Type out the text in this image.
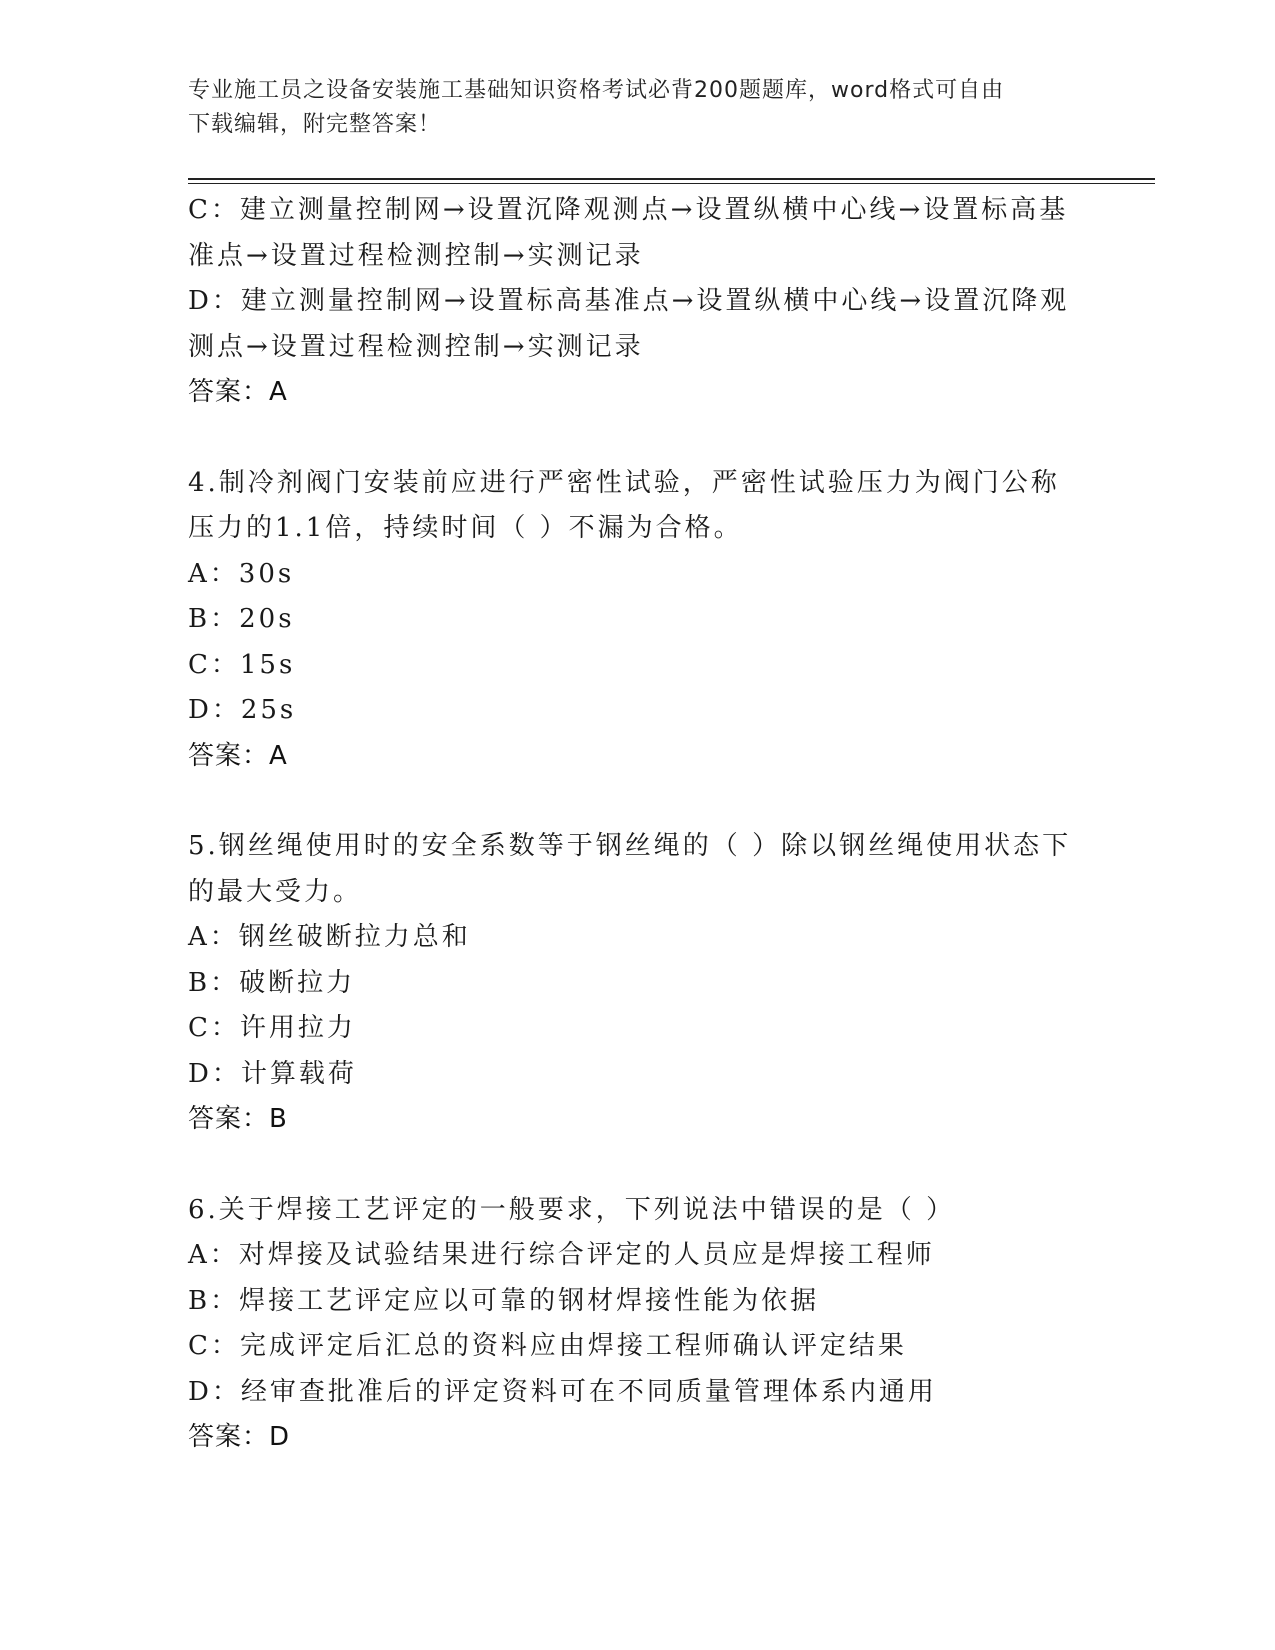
专业施工员之设备安装施工基础知识资格考试必背200题题库，word格式可自由
下载编辑，附完整答案！
C：建立测量控制网→设置沉降观测点→设置纵横中心线→设置标高基
准点→设置过程检测控制→实测记录
D：建立测量控制网→设置标高基准点→设置纵横中心线→设置沉降观
测点→设置过程检测控制→实测记录
答案：A
4.制冷剂阀门安装前应进行严密性试验，严密性试验压力为阀门公称
压力的1.1倍，持续时间（ ）不漏为合格。
A：30s
B：20s
C：15s
D：25s
答案：A
5.钢丝绳使用时的安全系数等于钢丝绳的（ ）除以钢丝绳使用状态下
的最大受力。
A：钢丝破断拉力总和
B：破断拉力
C：许用拉力
D：计算载荷
答案：B
6.关于焊接工艺评定的一般要求，下列说法中错误的是（ ）
A：对焊接及试验结果进行综合评定的人员应是焊接工程师
B：焊接工艺评定应以可靠的钢材焊接性能为依据
C：完成评定后汇总的资料应由焊接工程师确认评定结果
D：经审查批准后的评定资料可在不同质量管理体系内通用
答案：D
